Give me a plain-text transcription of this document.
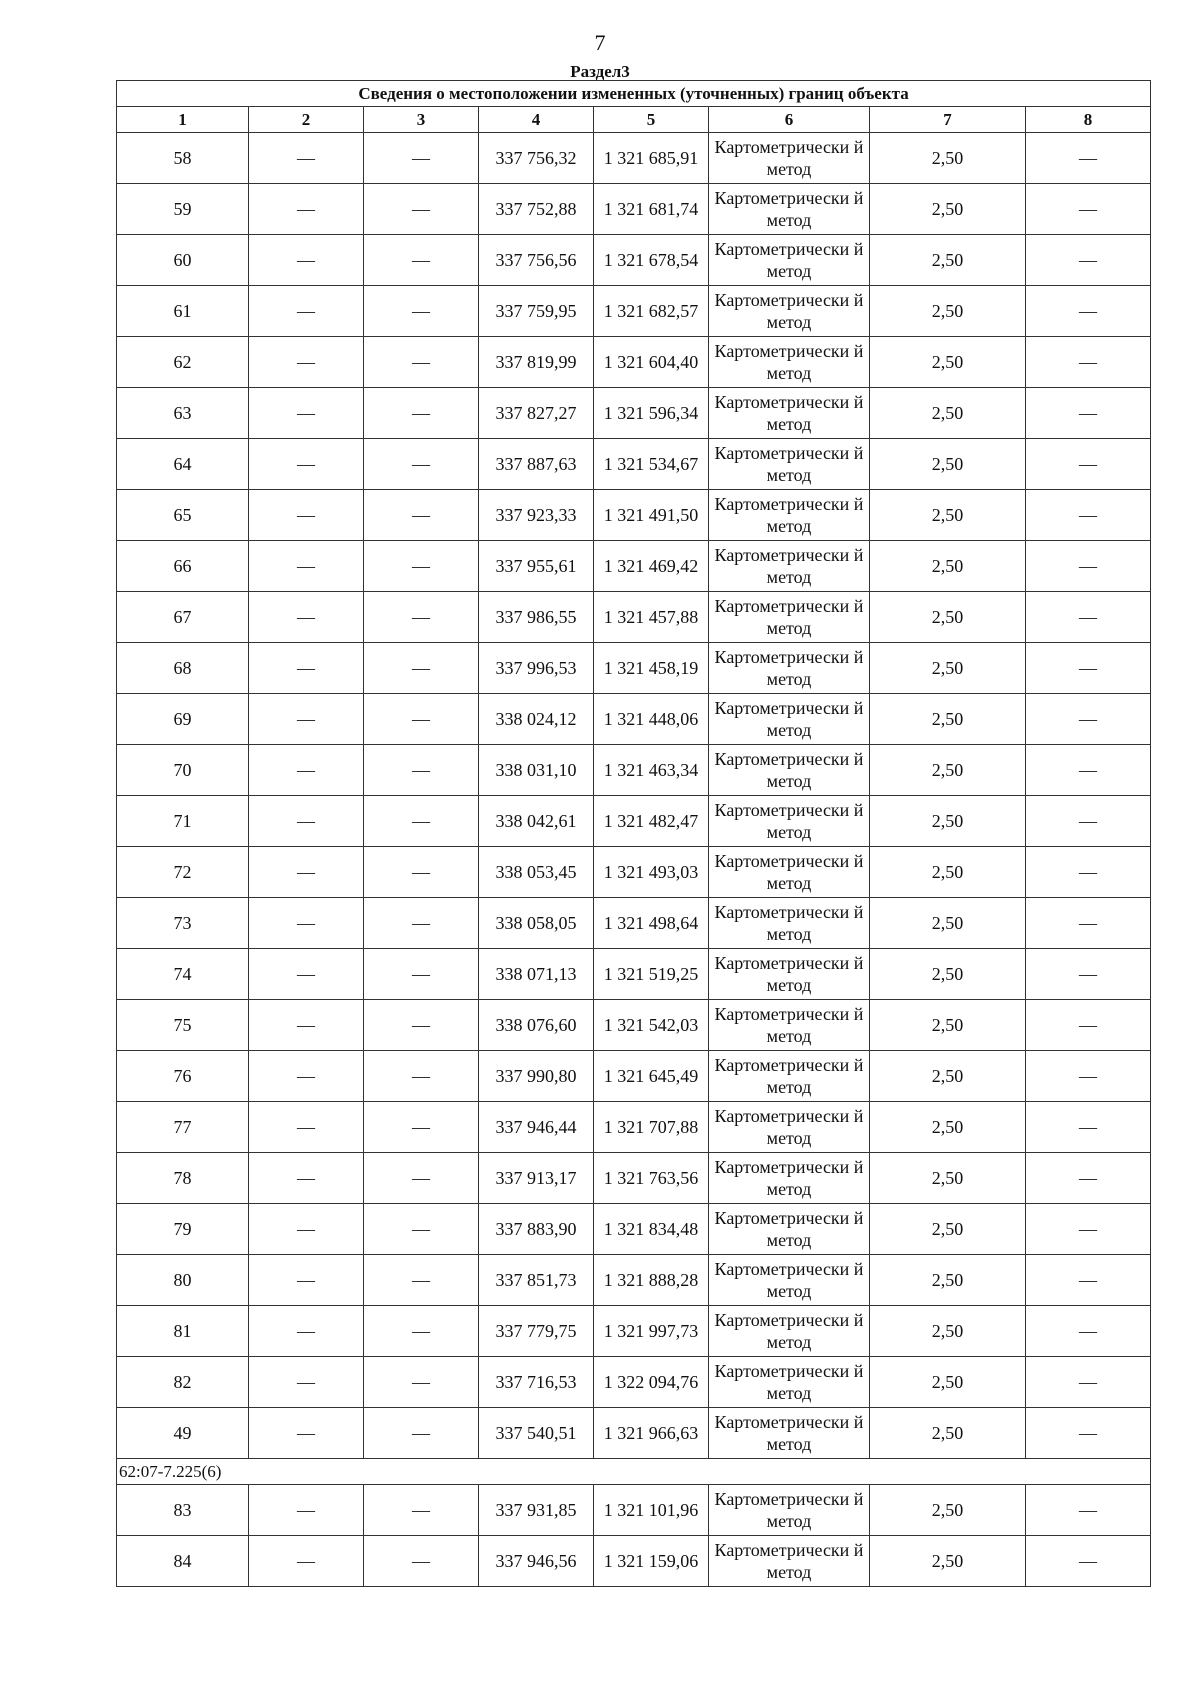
7
Раздел3
Сведения о местоположении измененных (уточненных) границ объекта							
1	2	3	4	5	6	7	8
58	—	—	337 756,32	1 321 685,91	Картометрически й метод	2,50	—
59	—	—	337 752,88	1 321 681,74	Картометрически й метод	2,50	—
60	—	—	337 756,56	1 321 678,54	Картометрически й метод	2,50	—
61	—	—	337 759,95	1 321 682,57	Картометрически й метод	2,50	—
62	—	—	337 819,99	1 321 604,40	Картометрически й метод	2,50	—
63	—	—	337 827,27	1 321 596,34	Картометрически й метод	2,50	—
64	—	—	337 887,63	1 321 534,67	Картометрически й метод	2,50	—
65	—	—	337 923,33	1 321 491,50	Картометрически й метод	2,50	—
66	—	—	337 955,61	1 321 469,42	Картометрически й метод	2,50	—
67	—	—	337 986,55	1 321 457,88	Картометрически й метод	2,50	—
68	—	—	337 996,53	1 321 458,19	Картометрически й метод	2,50	—
69	—	—	338 024,12	1 321 448,06	Картометрически й метод	2,50	—
70	—	—	338 031,10	1 321 463,34	Картометрически й метод	2,50	—
71	—	—	338 042,61	1 321 482,47	Картометрически й метод	2,50	—
72	—	—	338 053,45	1 321 493,03	Картометрически й метод	2,50	—
73	—	—	338 058,05	1 321 498,64	Картометрически й метод	2,50	—
74	—	—	338 071,13	1 321 519,25	Картометрически й метод	2,50	—
75	—	—	338 076,60	1 321 542,03	Картометрически й метод	2,50	—
76	—	—	337 990,80	1 321 645,49	Картометрически й метод	2,50	—
77	—	—	337 946,44	1 321 707,88	Картометрически й метод	2,50	—
78	—	—	337 913,17	1 321 763,56	Картометрически й метод	2,50	—
79	—	—	337 883,90	1 321 834,48	Картометрически й метод	2,50	—
80	—	—	337 851,73	1 321 888,28	Картометрически й метод	2,50	—
81	—	—	337 779,75	1 321 997,73	Картометрически й метод	2,50	—
82	—	—	337 716,53	1 322 094,76	Картометрически й метод	2,50	—
49	—	—	337 540,51	1 321 966,63	Картометрически й метод	2,50	—
62:07-7.225(6)							
83	—	—	337 931,85	1 321 101,96	Картометрически й метод	2,50	—
84	—	—	337 946,56	1 321 159,06	Картометрически й метод	2,50	—
